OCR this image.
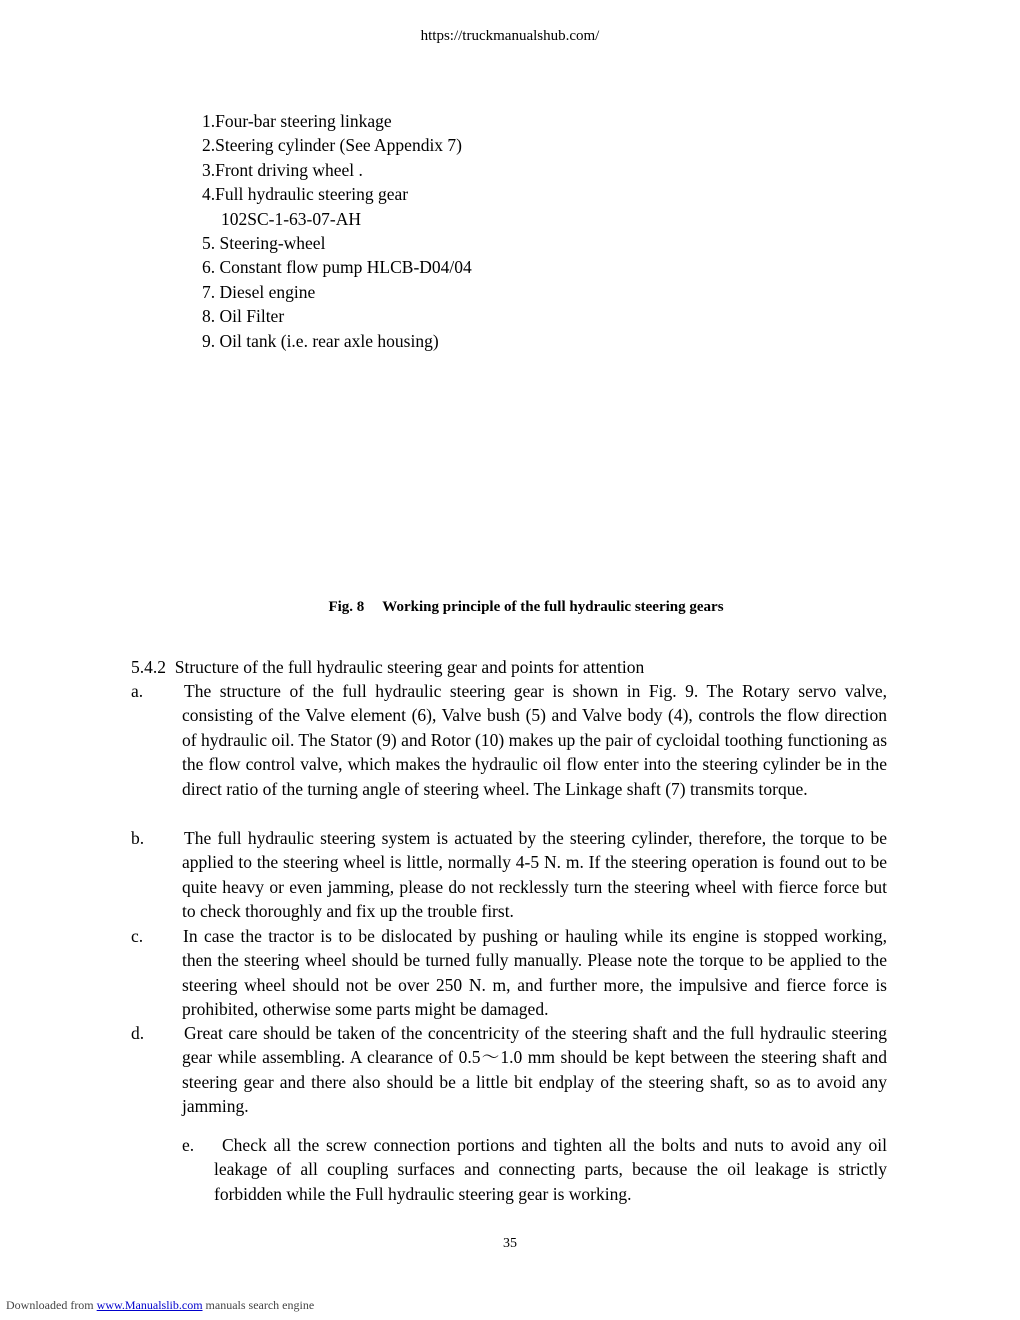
https://truckmanualshub.com/
1.Four-bar steering linkage
2.Steering cylinder (See Appendix 7)
3.Front driving wheel .
4.Full hydraulic steering gear
102SC-1-63-07-AH
5. Steering-wheel
6. Constant flow pump HLCB-D04/04
7. Diesel engine
8. Oil Filter
9. Oil tank (i.e. rear axle housing)
Fig. 8 Working principle of the full hydraulic steering gears
5.4.2 Structure of the full hydraulic steering gear and points for attention
a. The structure of the full hydraulic steering gear is shown in Fig. 9. The Rotary servo valve, consisting of the Valve element (6), Valve bush (5) and Valve body (4), controls the flow direction of hydraulic oil. The Stator (9) and Rotor (10) makes up the pair of cycloidal toothing functioning as the flow control valve, which makes the hydraulic oil flow enter into the steering cylinder be in the direct ratio of the turning angle of steering wheel. The Linkage shaft (7) transmits torque.
b. The full hydraulic steering system is actuated by the steering cylinder, therefore, the torque to be applied to the steering wheel is little, normally 4-5 N. m. If the steering operation is found out to be quite heavy or even jamming, please do not recklessly turn the steering wheel with fierce force but to check thoroughly and fix up the trouble first.
c. In case the tractor is to be dislocated by pushing or hauling while its engine is stopped working, then the steering wheel should be turned fully manually. Please note the torque to be applied to the steering wheel should not be over 250 N. m, and further more, the impulsive and fierce force is prohibited, otherwise some parts might be damaged.
d. Great care should be taken of the concentricity of the steering shaft and the full hydraulic steering gear while assembling. A clearance of 0.5～1.0 mm should be kept between the steering shaft and steering gear and there also should be a little bit endplay of the steering shaft, so as to avoid any jamming.
e.	Check all the screw connection portions and tighten all the bolts and nuts to avoid any oil leakage of all coupling surfaces and connecting parts, because the oil leakage is strictly forbidden while the Full hydraulic steering gear is working.
35
Downloaded from www.Manualslib.com manuals search engine
